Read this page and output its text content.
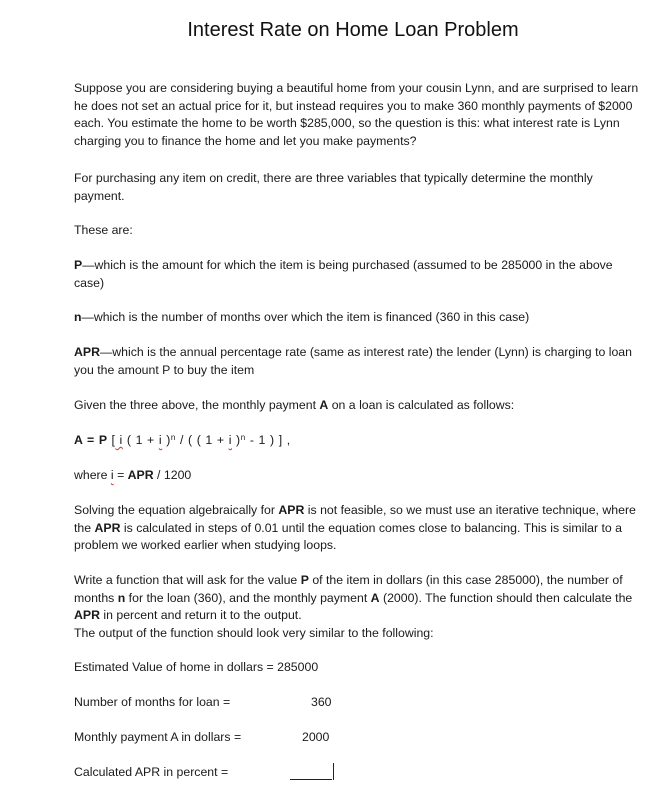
Interest Rate on Home Loan Problem

Suppose you are considering buying a beautiful home from your cousin Lynn, and are surprised to learn he does not set an actual price for it, but instead requires you to make 360 monthly payments of $2000 each. You estimate the home to be worth $285,000, so the question is this: what interest rate is Lynn charging you to finance the home and let you make payments?

For purchasing any item on credit, there are three variables that typically determine the monthly payment.

These are:

P—which is the amount for which the item is being purchased (assumed to be 285000 in the above case)

n—which is the number of months over which the item is financed (360 in this case)

APR—which is the annual percentage rate (same as interest rate) the lender (Lynn) is charging to loan you the amount P to buy the item

Given the three above, the monthly payment A on a loan is calculated as follows:

A = P [ i ( 1 + i )$^n$ / ( ( 1 + i )$^n$ - 1 ) ] ,

where i = APR / 1200

Solving the equation algebraically for APR is not feasible, so we must use an iterative technique, where the APR is calculated in steps of 0.01 until the equation comes close to balancing. This is similar to a problem we worked earlier when studying loops.

Write a function that will ask for the value P of the item in dollars (in this case 285000), the number of months n for the loan (360), and the monthly payment A (2000). The function should then calculate the APR in percent and return it to the output.
The output of the function should look very similar to the following:

Estimated Value of home in dollars = 285000
Number of months for loan =	360
Monthly payment A in dollars =	2000
Calculated APR in percent =
